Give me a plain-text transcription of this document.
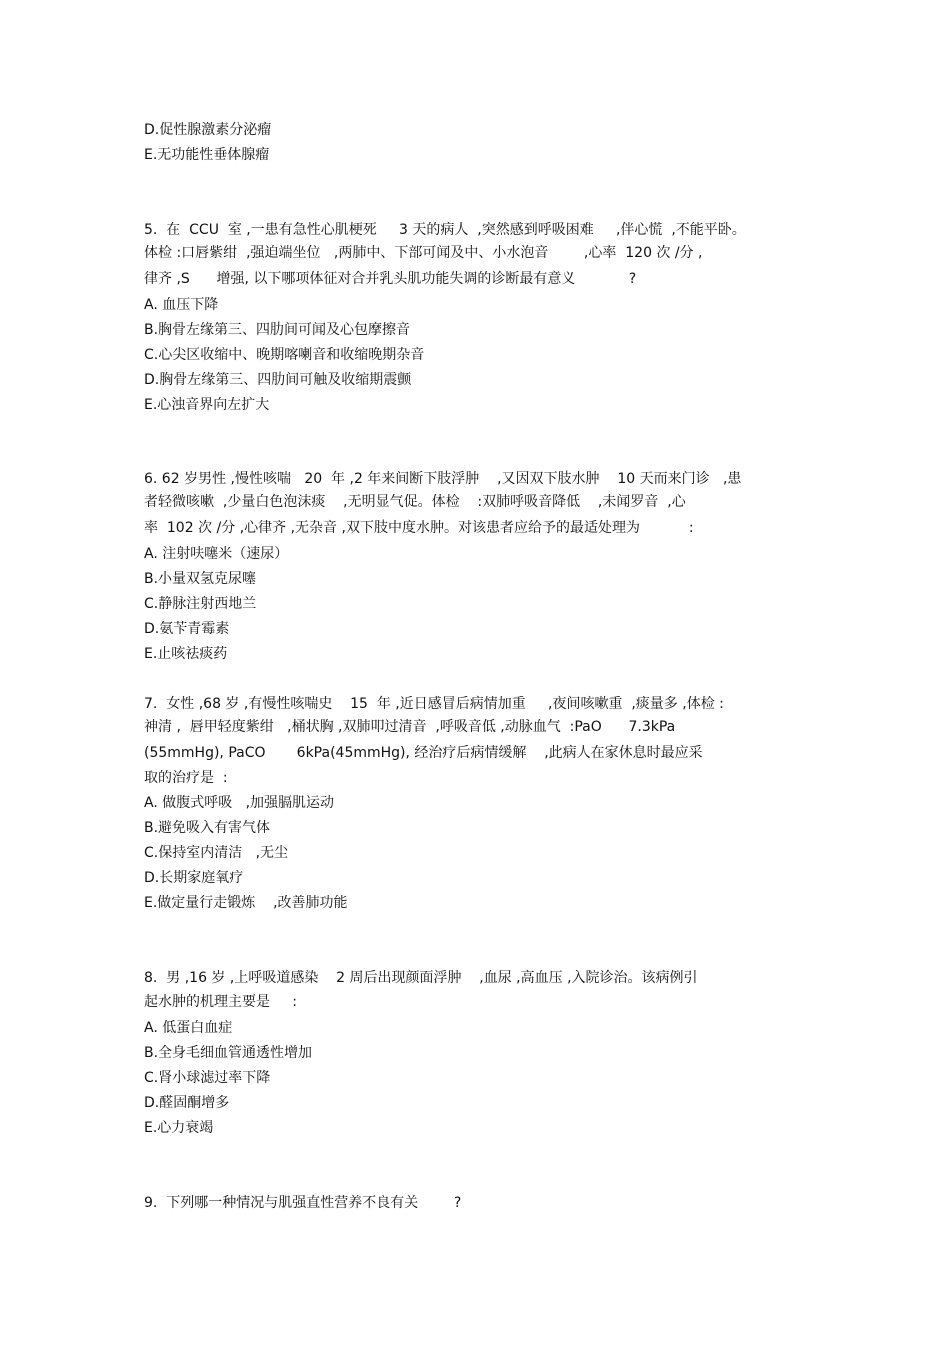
D.促性腺激素分泌瘤
E.无功能性垂体腺瘤
5.  在  CCU  室 ,一患有急性心肌梗死     3 天的病人  ,突然感到呼吸困难     ,伴心慌  ,不能平卧。
体检 :口唇紫绀  ,强迫端坐位   ,两肺中、下部可闻及中、小水泡音        ,心率  120 次 /分 ,
律齐 ,S      增强, 以下哪项体征对合并乳头肌功能失调的诊断最有意义            ?
A. 血压下降
B.胸骨左缘第三、四肋间可闻及心包摩擦音
C.心尖区收缩中、晚期喀喇音和收缩晚期杂音
D.胸骨左缘第三、四肋间可触及收缩期震颤
E.心浊音界向左扩大
6. 62 岁男性 ,慢性咳喘   20  年 ,2 年来间断下肢浮肿    ,又因双下肢水肿    10 天而来门诊   ,患
者轻微咳嗽  ,少量白色泡沫痰    ,无明显气促。体检    :双肺呼吸音降低    ,未闻罗音  ,心
率  102 次 /分 ,心律齐 ,无杂音 ,双下肢中度水肿。对该患者应给予的最适处理为           :
A. 注射呋噻米（速尿）
B.小量双氢克尿噻
C.静脉注射西地兰
D.氨苄青霉素
E.止咳祛痰药
7.  女性 ,68 岁 ,有慢性咳喘史    15  年 ,近日感冒后病情加重     ,夜间咳嗽重  ,痰量多 ,体检 :
神清 ,  唇甲轻度紫绀   ,桶状胸 ,双肺叩过清音  ,呼吸音低 ,动脉血气  :PaO      7.3kPa
(55mmHg), PaCO       6kPa(45mmHg), 经治疗后病情缓解    ,此病人在家休息时最应采
取的治疗是  :
A. 做腹式呼吸   ,加强膈肌运动
B.避免吸入有害气体
C.保持室内清洁   ,无尘
D.长期家庭氧疗
E.做定量行走锻炼    ,改善肺功能
8.  男 ,16 岁 ,上呼吸道感染    2 周后出现颜面浮肿    ,血尿 ,高血压 ,入院诊治。该病例引
起水肿的机理主要是     :
A. 低蛋白血症
B.全身毛细血管通透性增加
C.肾小球滤过率下降
D.醛固酮增多
E.心力衰竭
9.  下列哪一种情况与肌强直性营养不良有关        ?
